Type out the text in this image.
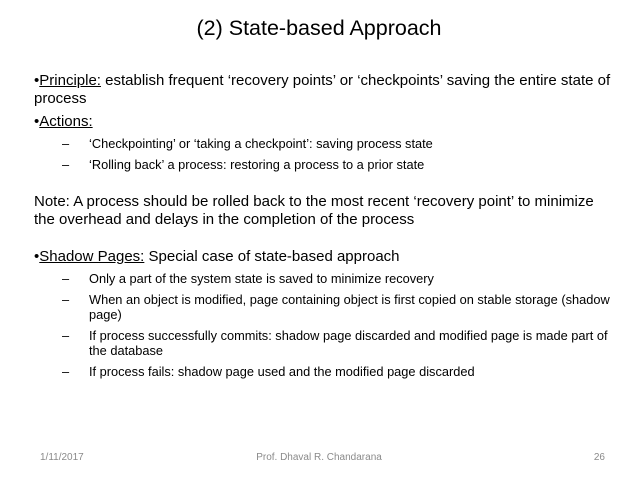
(2) State-based Approach

•Principle: establish frequent ‘recovery points’ or ‘checkpoints’ saving the entire state of process

•Actions:

– ‘Checkpointing’ or ‘taking a checkpoint’: saving process state

– ‘Rolling back’ a process: restoring a process to a prior state

Note: A process should be rolled back to the most recent ‘recovery point’ to minimize the overhead and delays in the completion of the process

•Shadow Pages: Special case of state-based approach

– Only a part of the system state is saved to minimize recovery

– When an object is modified, page containing object is first copied on stable storage (shadow page)

– If process successfully commits: shadow page discarded and modified page is made part of the database

– If process fails: shadow page used and the modified page discarded

1/11/2017	Prof. Dhaval R. Chandarana	26
